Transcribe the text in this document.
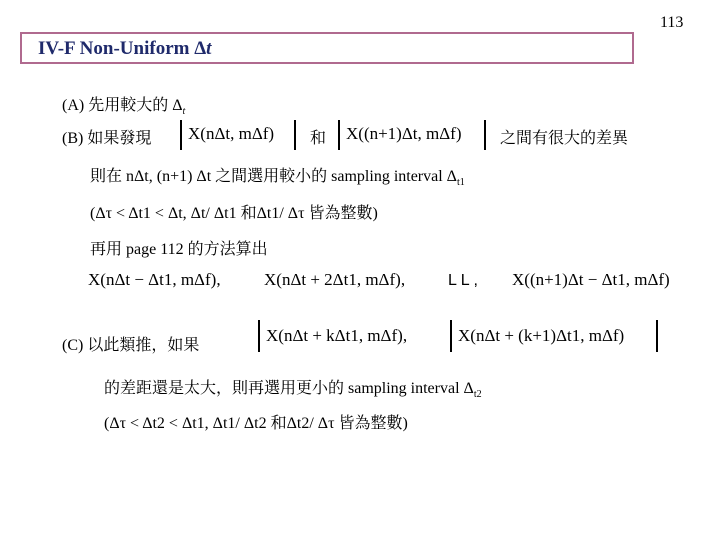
113
IV-F Non-Uniform Δt
(A) 先用較大的 $\Delta_t$
(B) 如果發現 X(nΔt, mΔf) 和 X((n+1)Δt, mΔf) 之間有很大的差異
則在 nΔt, (n+1) Δt 之間選用較小的 sampling interval $\Delta_{t1}$
(Δτ < Δt1 < Δt, Δt/ Δt1 和Δt1/ Δτ 皆為整數)
再用 page 112 的方法算出
X(nΔt − Δt1, mΔf),	X(nΔt + 2Δt1, mΔf),	L L , X((n+1)Δt − Δt1, mΔf)
(C) 以此類推，如果
X(nΔt + kΔt1, mΔf),	X(nΔt + (k+1)Δt1, mΔf)
的差距還是太大，則再選用更小的 sampling interval $\Delta_{t2}$
(Δτ < Δt2 < Δt1, Δt1/ Δt2 和Δt2/ Δτ 皆為整數)
